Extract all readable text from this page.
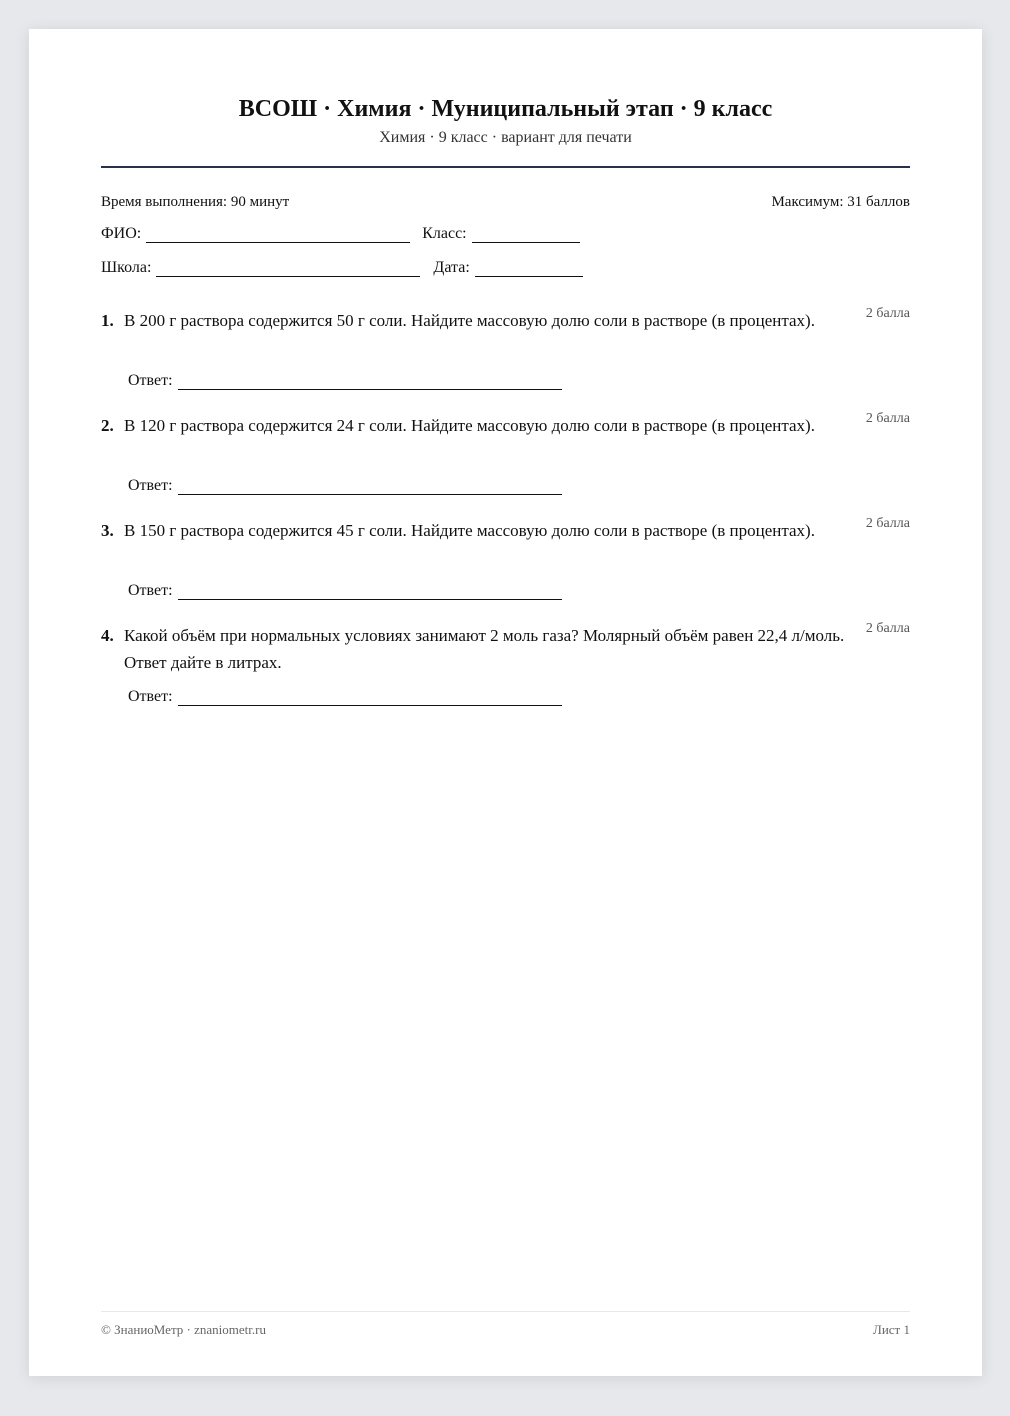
ВСОШ · Химия · Муниципальный этап · 9 класс
Химия · 9 класс · вариант для печати
Время выполнения: 90 минут	Максимум: 31 баллов
ФИО:	Класс:
Школа:	Дата:
1. В 200 г раствора содержится 50 г соли. Найдите массовую долю соли в растворе (в процентах).	2 балла
Ответ:
2. В 120 г раствора содержится 24 г соли. Найдите массовую долю соли в растворе (в процентах).	2 балла
Ответ:
3. В 150 г раствора содержится 45 г соли. Найдите массовую долю соли в растворе (в процентах).	2 балла
Ответ:
4. Какой объём при нормальных условиях занимают 2 моль газа? Молярный объём равен 22,4 л/моль. Ответ дайте в литрах.
2 балла
Ответ:
© ЗнаниоМетр · znaniometr.ru	Лист 1
